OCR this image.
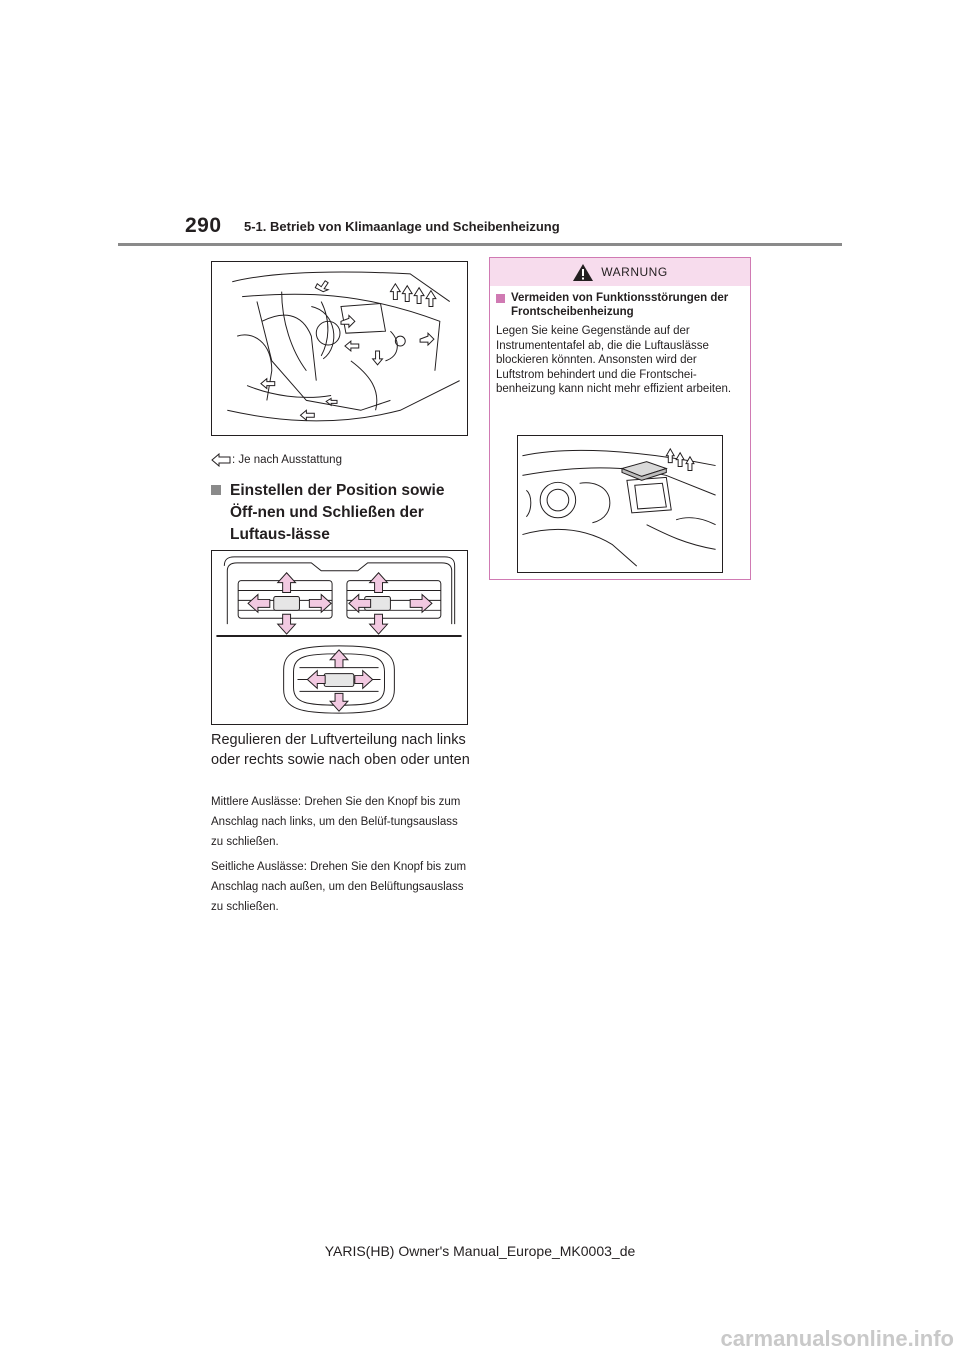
290 5-1. Betrieb von Klimaanlage und Scheibenheizung
: Je nach Ausstattung
Einstellen der Position sowie Öff-nen und Schließen der Luftaus-lässe

Regulieren der Luftverteilung nach links oder rechts sowie nach oben oder unten

Mittlere Auslässe: Drehen Sie den Knopf bis zum Anschlag nach links, um den Belüf-tungsauslass zu schließen.

Seitliche Auslässe: Drehen Sie den Knopf bis zum Anschlag nach außen, um den Belüftungsauslass zu schließen.

WARNUNG
Vermeiden von Funktionsstörungen der Frontscheibenheizung

Legen Sie keine Gegenstände auf der Instrumententafel ab, die die Luftauslässe blockieren könnten. Ansonsten wird der Luftstrom behindert und die Frontschei-benheizung kann nicht mehr effizient arbeiten.

YARIS(HB) Owner's Manual_Europe_MK0003_de
carmanualsonline.info
